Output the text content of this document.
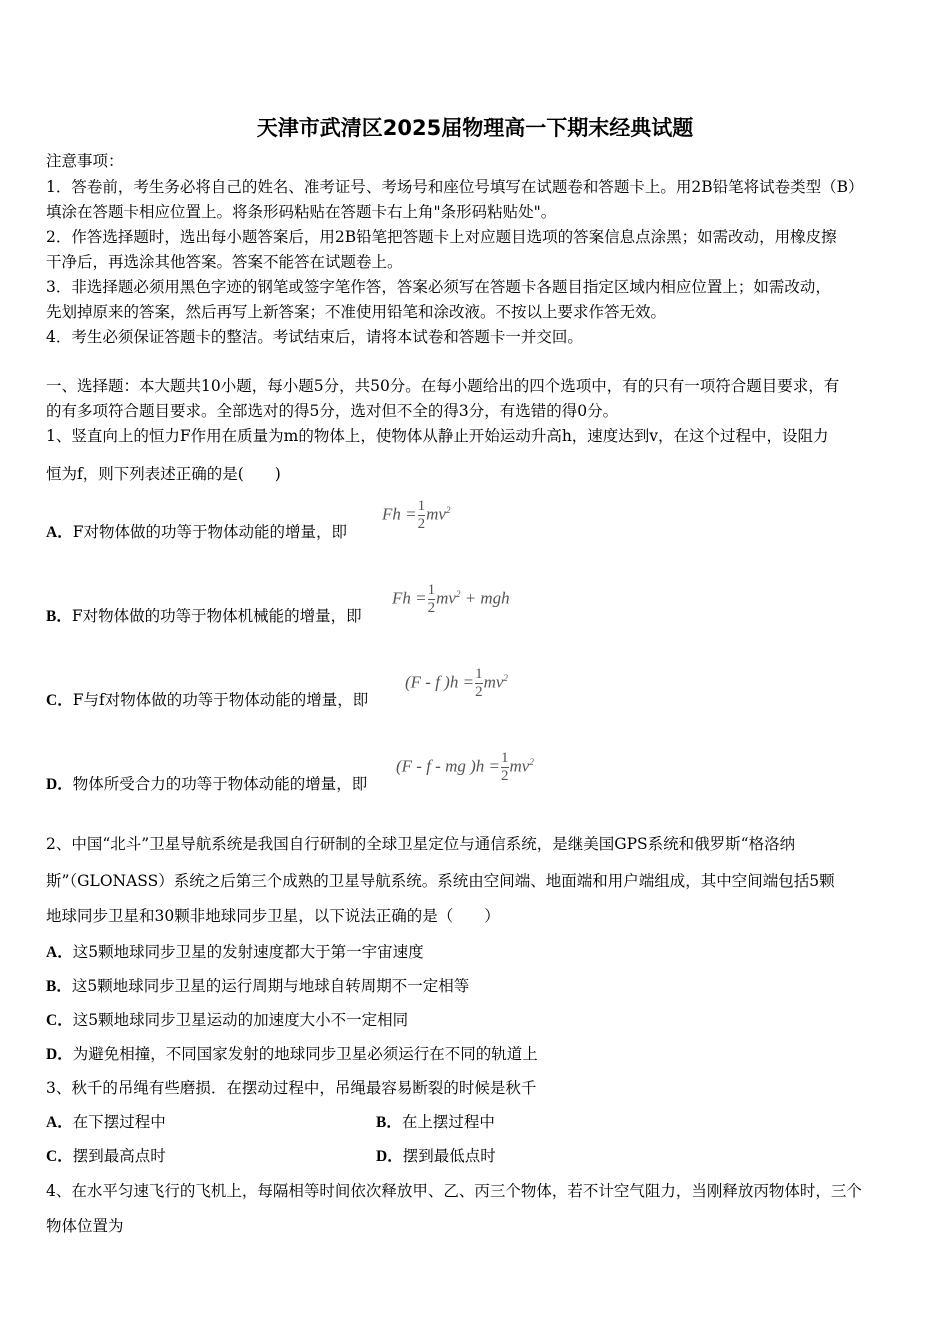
天津市武清区2025届物理高一下期末经典试题
注意事项：
1．答卷前，考生务必将自己的姓名、准考证号、考场号和座位号填写在试题卷和答题卡上。用2B铅笔将试卷类型（B）
填涂在答题卡相应位置上。将条形码粘贴在答题卡右上角"条形码粘贴处"。
2．作答选择题时，选出每小题答案后，用2B铅笔把答题卡上对应题目选项的答案信息点涂黑；如需改动，用橡皮擦
干净后，再选涂其他答案。答案不能答在试题卷上。
3．非选择题必须用黑色字迹的钢笔或签字笔作答，答案必须写在答题卡各题目指定区域内相应位置上；如需改动，
先划掉原来的答案，然后再写上新答案；不准使用铅笔和涂改液。不按以上要求作答无效。
4．考生必须保证答题卡的整洁。考试结束后，请将本试卷和答题卡一并交回。
一、选择题：本大题共10小题，每小题5分，共50分。在每小题给出的四个选项中，有的只有一项符合题目要求，有
的有多项符合题目要求。全部选对的得5分，选对但不全的得3分，有选错的得0分。
1、竖直向上的恒力F作用在质量为m的物体上，使物体从静止开始运动升高h，速度达到v，在这个过程中，设阻力
恒为f，则下列表述正确的是(　　)
A．F对物体做的功等于物体动能的增量，即
$Fh = \frac{1}{2} mv^2$
B．F对物体做的功等于物体机械能的增量，即
$Fh = \frac{1}{2} mv^2$ + mgh
C．F与f对物体做的功等于物体动能的增量，即
(F - f )$h = \frac{1}{2} mv^2$
D．物体所受合力的功等于物体动能的增量，即
(F - f - mg )$h = \frac{1}{2} mv^2$
2、中国“北斗”卫星导航系统是我国自行研制的全球卫星定位与通信系统，是继美国GPS系统和俄罗斯“格洛纳
斯”（GLONASS）系统之后第三个成熟的卫星导航系统。系统由空间端、地面端和用户端组成，其中空间端包括5颗
地球同步卫星和30颗非地球同步卫星，以下说法正确的是（　　）
A．这5颗地球同步卫星的发射速度都大于第一宇宙速度
B．这5颗地球同步卫星的运行周期与地球自转周期不一定相等
C．这5颗地球同步卫星运动的加速度大小不一定相同
D．为避免相撞，不同国家发射的地球同步卫星必须运行在不同的轨道上
3、秋千的吊绳有些磨损．在摆动过程中，吊绳最容易断裂的时候是秋千
A．在下摆过程中	B．在上摆过程中
C．摆到最高点时	D．摆到最低点时
4、在水平匀速飞行的飞机上，每隔相等时间依次释放甲、乙、丙三个物体，若不计空气阻力，当刚释放丙物体时，三个
物体位置为
